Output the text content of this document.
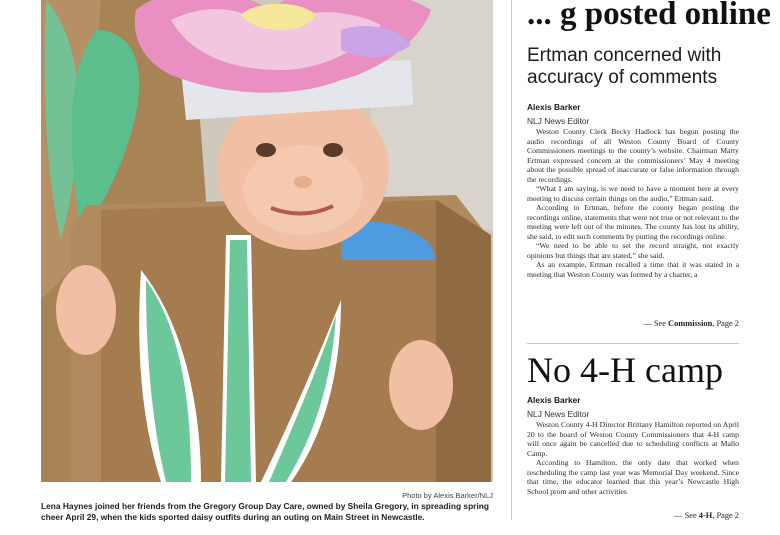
Photo by Alexis Barker/NLJ
Lena Haynes joined her friends from the Gregory Group Day Care, owned by Sheila Gregory, in spreading spring cheer April 29, when the kids sported daisy outfits during an outing on Main Street in Newcastle.
... g posted online
Ertman concerned with accuracy of comments
Alexis Barker
NLJ News Editor

Weston County Clerk Becky Hadlock has begun posting the audio recordings of all Weston County Board of County Commissioners meetings to the county’s website. Chairman Marty Ertman expressed concern at the commissioners’ May 4 meeting about the possible spread of inaccurate or false information through the recordings.

“What I am saying, is we need to have a moment here at every meeting to discuss certain things on the audio,” Ertman said.

According to Ertman, before the county began posting the recordings online, statements that were not true or not relevant to the meeting were left out of the minutes. The county has lost its ability, she said, to edit such comments by putting the recordings online.

“We need to be able to set the record straight, not exactly opinions but things that are stated,” she said.

As an example, Ertman recalled a time that it was stated in a meeting that Weston County was formed by a charter, a

— See Commission, Page 2
No 4-H camp
Alexis Barker
NLJ News Editor

Weston County 4-H Director Brittany Hamilton reported on April 20 to the board of Weston County Commissioners that 4-H camp will once again be cancelled due to scheduling conflicts at Mallo Camp.

According to Hamilton, the only date that worked when rescheduling the camp last year was Memorial Day weekend. Since that time, the educator learned that this year’s Newcastle High School prom and other activities

— See 4-H, Page 2
